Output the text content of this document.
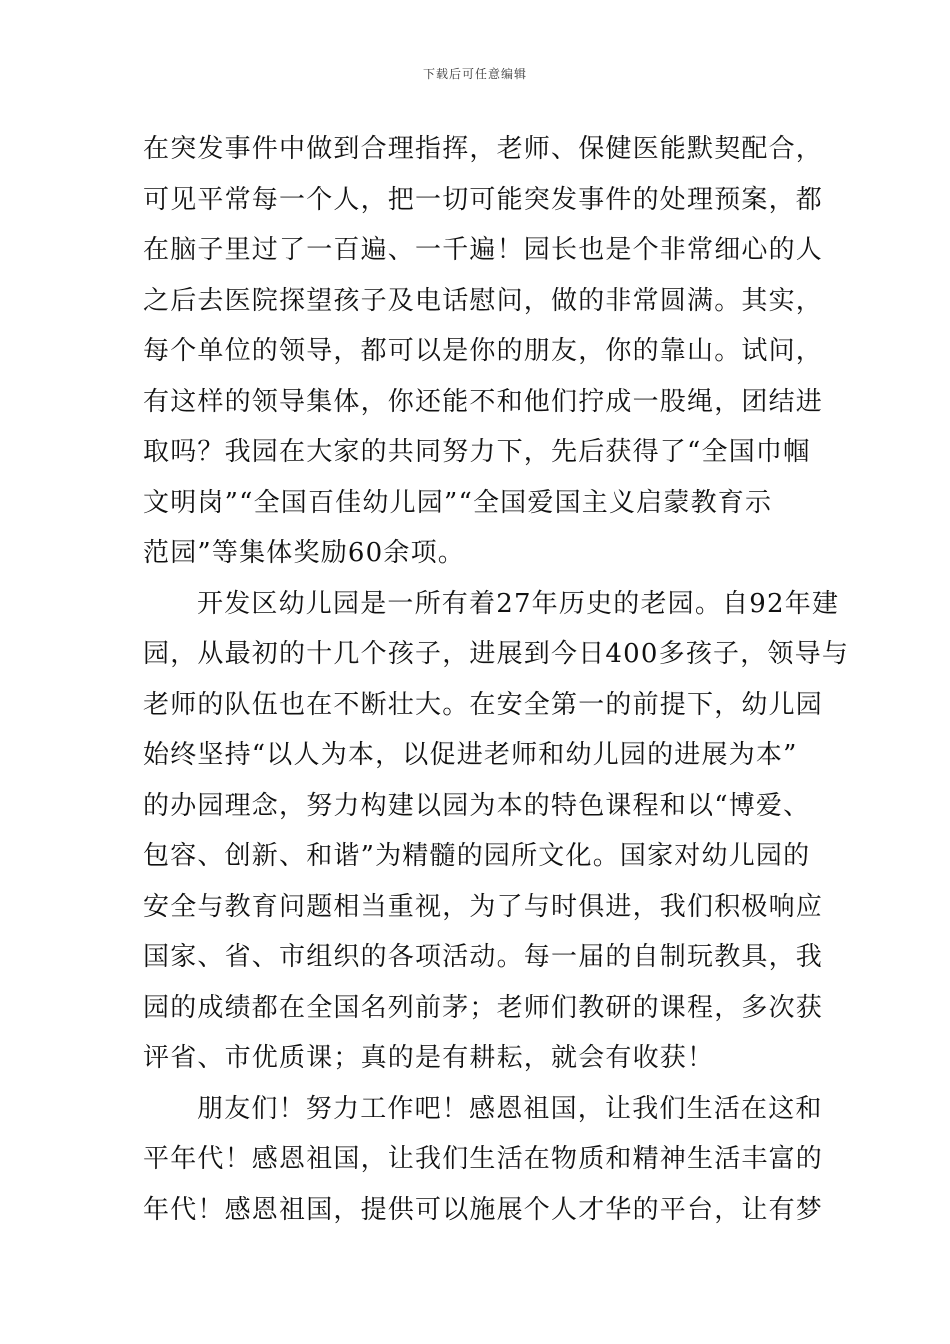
下载后可任意编辑
在突发事件中做到合理指挥，老师、保健医能默契配合，
可见平常每一个人，把一切可能突发事件的处理预案，都
在脑子里过了一百遍、一千遍！园长也是个非常细心的人
之后去医院探望孩子及电话慰问，做的非常圆满。其实，
每个单位的领导，都可以是你的朋友，你的靠山。试问，
有这样的领导集体，你还能不和他们拧成一股绳，团结进
取吗？我园在大家的共同努力下，先后获得了“全国巾帼
文明岗”“全国百佳幼儿园”“全国爱国主义启蒙教育示
范园”等集体奖励60余项。
开发区幼儿园是一所有着27年历史的老园。自92年建
园，从最初的十几个孩子，进展到今日400多孩子，领导与
老师的队伍也在不断壮大。在安全第一的前提下，幼儿园
始终坚持“以人为本，以促进老师和幼儿园的进展为本”
的办园理念，努力构建以园为本的特色课程和以“博爱、
包容、创新、和谐”为精髓的园所文化。国家对幼儿园的
安全与教育问题相当重视，为了与时俱进，我们积极响应
国家、省、市组织的各项活动。每一届的自制玩教具，我
园的成绩都在全国名列前茅；老师们教研的课程，多次获
评省、市优质课；真的是有耕耘，就会有收获！
朋友们！努力工作吧！感恩祖国，让我们生活在这和
平年代！感恩祖国，让我们生活在物质和精神生活丰富的
年代！感恩祖国，提供可以施展个人才华的平台，让有梦
